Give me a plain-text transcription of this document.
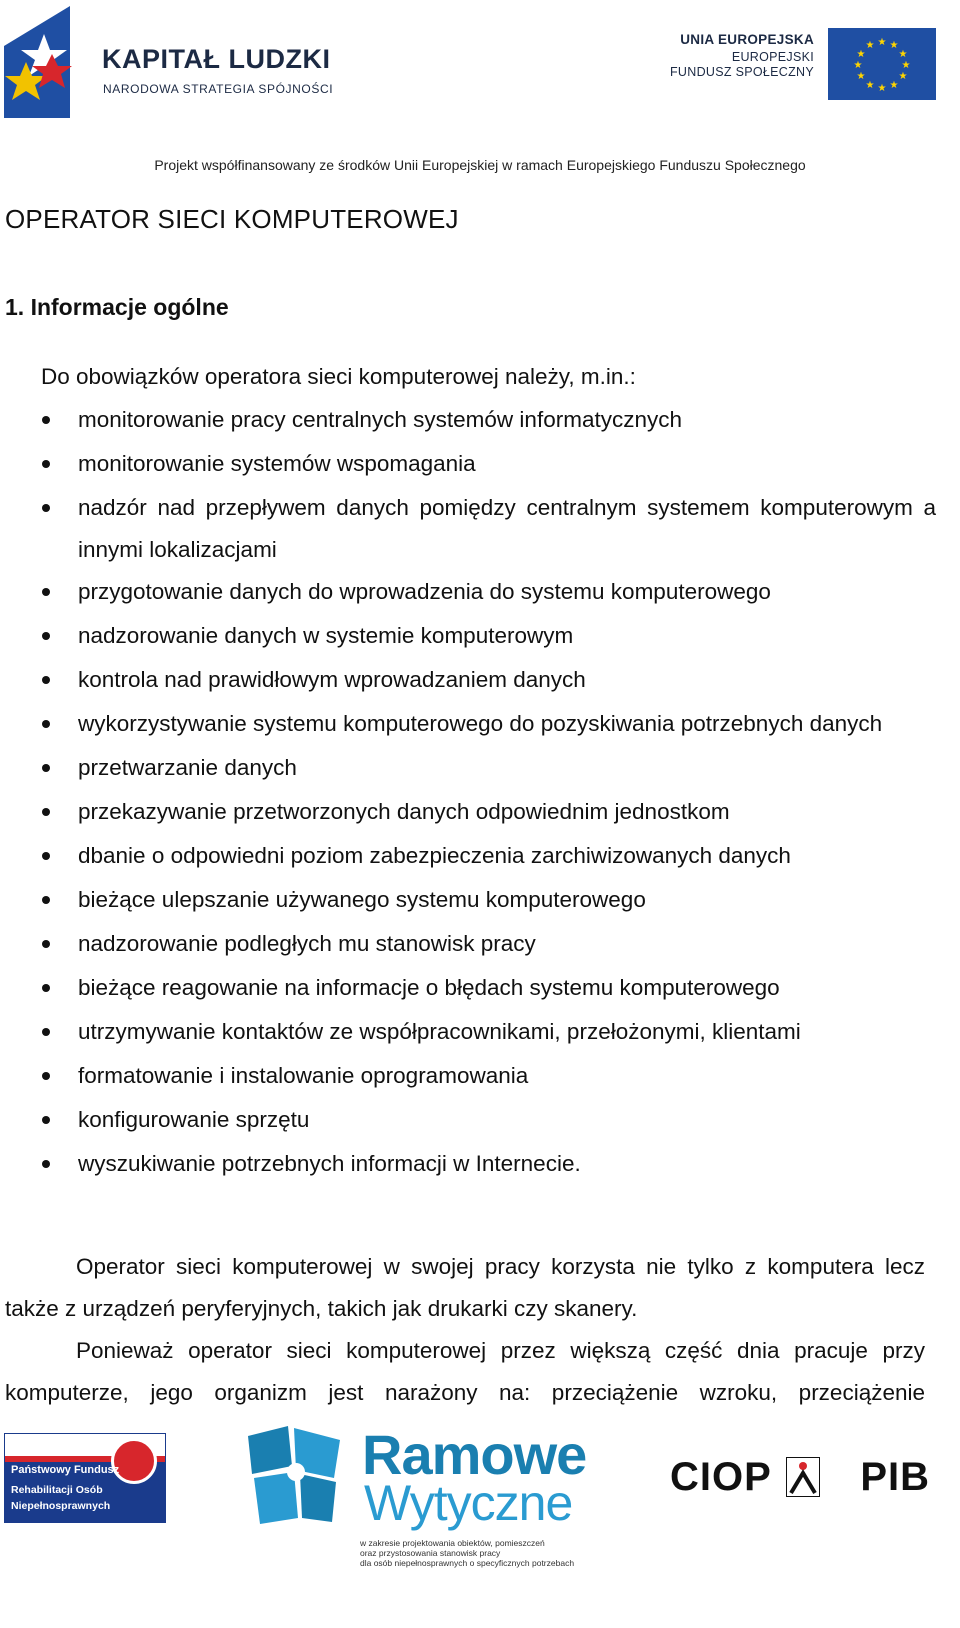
KAPITAŁ LUDZKI
NARODOWA STRATEGIA SPÓJNOŚCI
UNIA EUROPEJSKA
EUROPEJSKI
FUNDUSZ SPOŁECZNY
★ ★
★
★
★
★
★
★
★
★
★
★
Projekt współfinansowany ze środków Unii Europejskiej w ramach Europejskiego Funduszu Społecznego
OPERATOR SIECI KOMPUTEROWEJ
1. Informacje ogólne
Do obowiązków operatora sieci komputerowej należy, m.in.:
monitorowanie pracy centralnych systemów informatycznych
monitorowanie systemów wspomagania
nadzór nad przepływem danych pomiędzy centralnym systemem komputerowym a innymi lokalizacjami
przygotowanie danych do wprowadzenia do systemu komputerowego
nadzorowanie danych w systemie komputerowym
kontrola nad prawidłowym wprowadzaniem danych
wykorzystywanie systemu komputerowego do pozyskiwania potrzebnych danych
przetwarzanie danych
przekazywanie przetworzonych danych odpowiednim jednostkom
dbanie o odpowiedni poziom zabezpieczenia zarchiwizowanych danych
bieżące ulepszanie używanego systemu komputerowego
nadzorowanie podległych mu stanowisk pracy
bieżące reagowanie na informacje o błędach systemu komputerowego
utrzymywanie kontaktów ze współpracownikami, przełożonymi, klientami
formatowanie i instalowanie oprogramowania
konfigurowanie sprzętu
wyszukiwanie potrzebnych informacji w Internecie.

Operator sieci komputerowej w swojej pracy korzysta nie tylko z komputera lecz także z urządzeń peryferyjnych, takich jak drukarki czy skanery.

Ponieważ operator sieci komputerowej przez większą część dnia pracuje przy komputerze, jego organizm jest narażony na: przeciążenie wzroku, przeciążenie

Państwowy Fundusz
Rehabilitacji Osób
Niepełnosprawnych
Ramowe
Wytyczne
w zakresie projektowania obiektów, pomieszczeń
oraz przystosowania stanowisk pracy
dla osób niepełnosprawnych o specyficznych potrzebach
CIOP PIB
